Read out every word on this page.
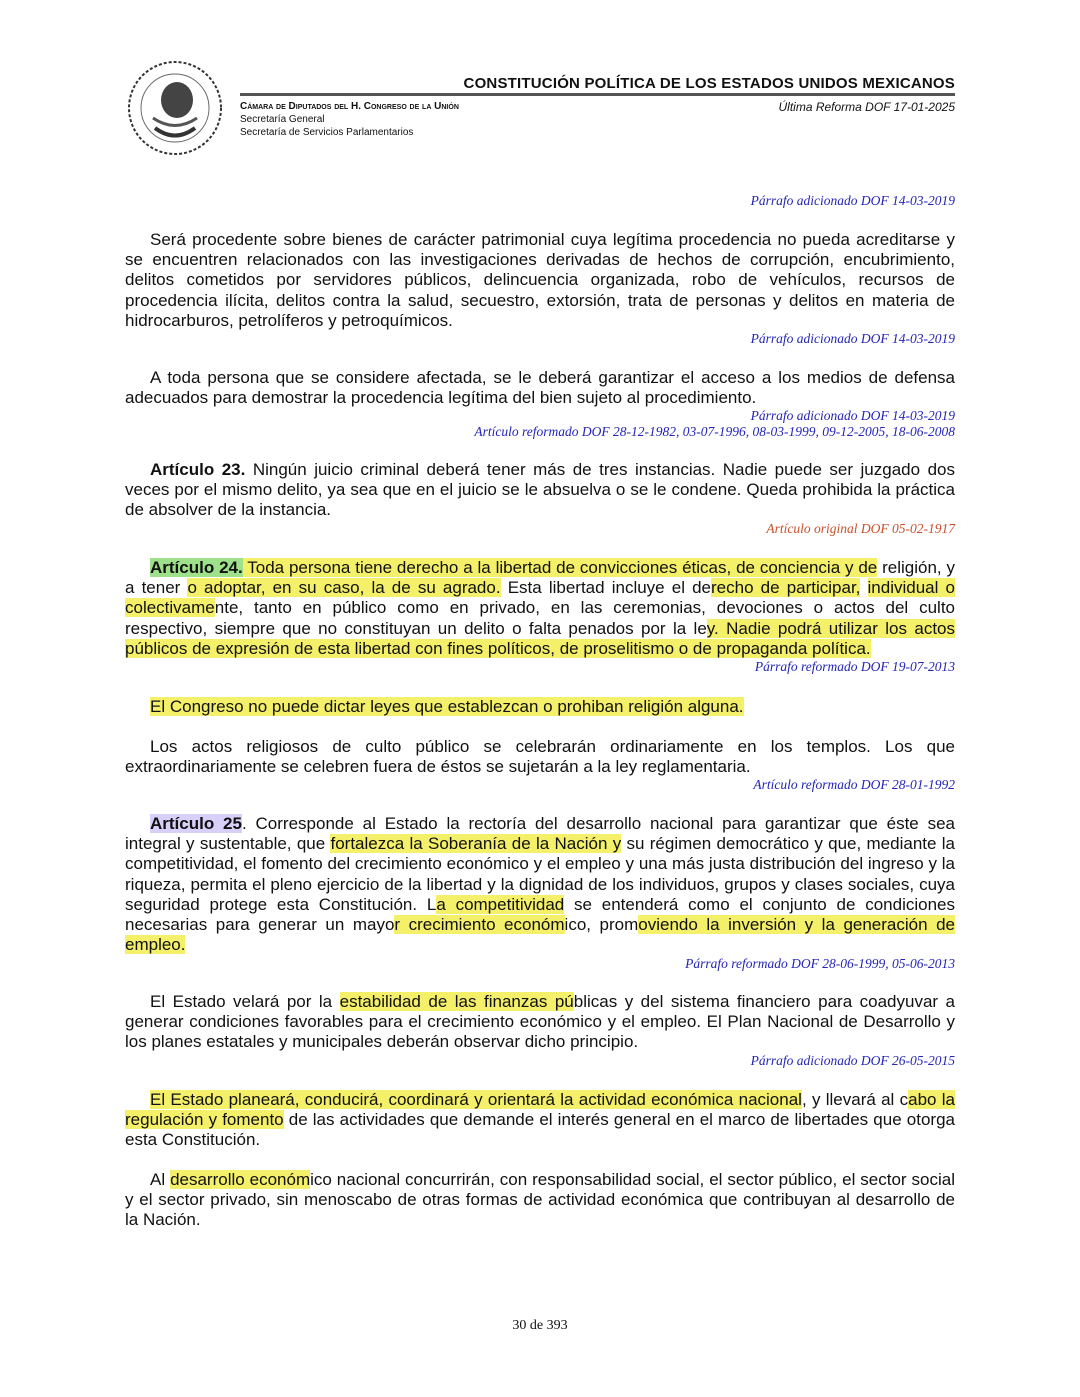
CONSTITUCIÓN POLÍTICA DE LOS ESTADOS UNIDOS MEXICANOS
Cámara de Diputados del H. Congreso de la Unión
Secretaría General
Secretaría de Servicios Parlamentarios
Última Reforma DOF 17-01-2025
Párrafo adicionado DOF 14-03-2019
Será procedente sobre bienes de carácter patrimonial cuya legítima procedencia no pueda acreditarse y se encuentren relacionados con las investigaciones derivadas de hechos de corrupción, encubrimiento, delitos cometidos por servidores públicos, delincuencia organizada, robo de vehículos, recursos de procedencia ilícita, delitos contra la salud, secuestro, extorsión, trata de personas y delitos en materia de hidrocarburos, petrolíferos y petroquímicos.
Párrafo adicionado DOF 14-03-2019
A toda persona que se considere afectada, se le deberá garantizar el acceso a los medios de defensa adecuados para demostrar la procedencia legítima del bien sujeto al procedimiento.
Párrafo adicionado DOF 14-03-2019
Artículo reformado DOF 28-12-1982, 03-07-1996, 08-03-1999, 09-12-2005, 18-06-2008
Artículo 23. Ningún juicio criminal deberá tener más de tres instancias. Nadie puede ser juzgado dos veces por el mismo delito, ya sea que en el juicio se le absuelva o se le condene. Queda prohibida la práctica de absolver de la instancia.
Artículo original DOF 05-02-1917
Artículo 24. Toda persona tiene derecho a la libertad de convicciones éticas, de conciencia y de religión, y a tener o adoptar, en su caso, la de su agrado. Esta libertad incluye el derecho de participar, individual o colectivamente, tanto en público como en privado, en las ceremonias, devociones o actos del culto respectivo, siempre que no constituyan un delito o falta penados por la ley. Nadie podrá utilizar los actos públicos de expresión de esta libertad con fines políticos, de proselitismo o de propaganda política.
Párrafo reformado DOF 19-07-2013
El Congreso no puede dictar leyes que establezcan o prohiban religión alguna.
Los actos religiosos de culto público se celebrarán ordinariamente en los templos. Los que extraordinariamente se celebren fuera de éstos se sujetarán a la ley reglamentaria.
Artículo reformado DOF 28-01-1992
Artículo 25. Corresponde al Estado la rectoría del desarrollo nacional para garantizar que éste sea integral y sustentable, que fortalezca la Soberanía de la Nación y su régimen democrático y que, mediante la competitividad, el fomento del crecimiento económico y el empleo y una más justa distribución del ingreso y la riqueza, permita el pleno ejercicio de la libertad y la dignidad de los individuos, grupos y clases sociales, cuya seguridad protege esta Constitución. La competitividad se entenderá como el conjunto de condiciones necesarias para generar un mayor crecimiento económico, promoviendo la inversión y la generación de empleo.
Párrafo reformado DOF 28-06-1999, 05-06-2013
El Estado velará por la estabilidad de las finanzas públicas y del sistema financiero para coadyuvar a generar condiciones favorables para el crecimiento económico y el empleo. El Plan Nacional de Desarrollo y los planes estatales y municipales deberán observar dicho principio.
Párrafo adicionado DOF 26-05-2015
El Estado planeará, conducirá, coordinará y orientará la actividad económica nacional, y llevará al cabo la regulación y fomento de las actividades que demande el interés general en el marco de libertades que otorga esta Constitución.
Al desarrollo económico nacional concurrirán, con responsabilidad social, el sector público, el sector social y el sector privado, sin menoscabo de otras formas de actividad económica que contribuyan al desarrollo de la Nación.
30 de 393
